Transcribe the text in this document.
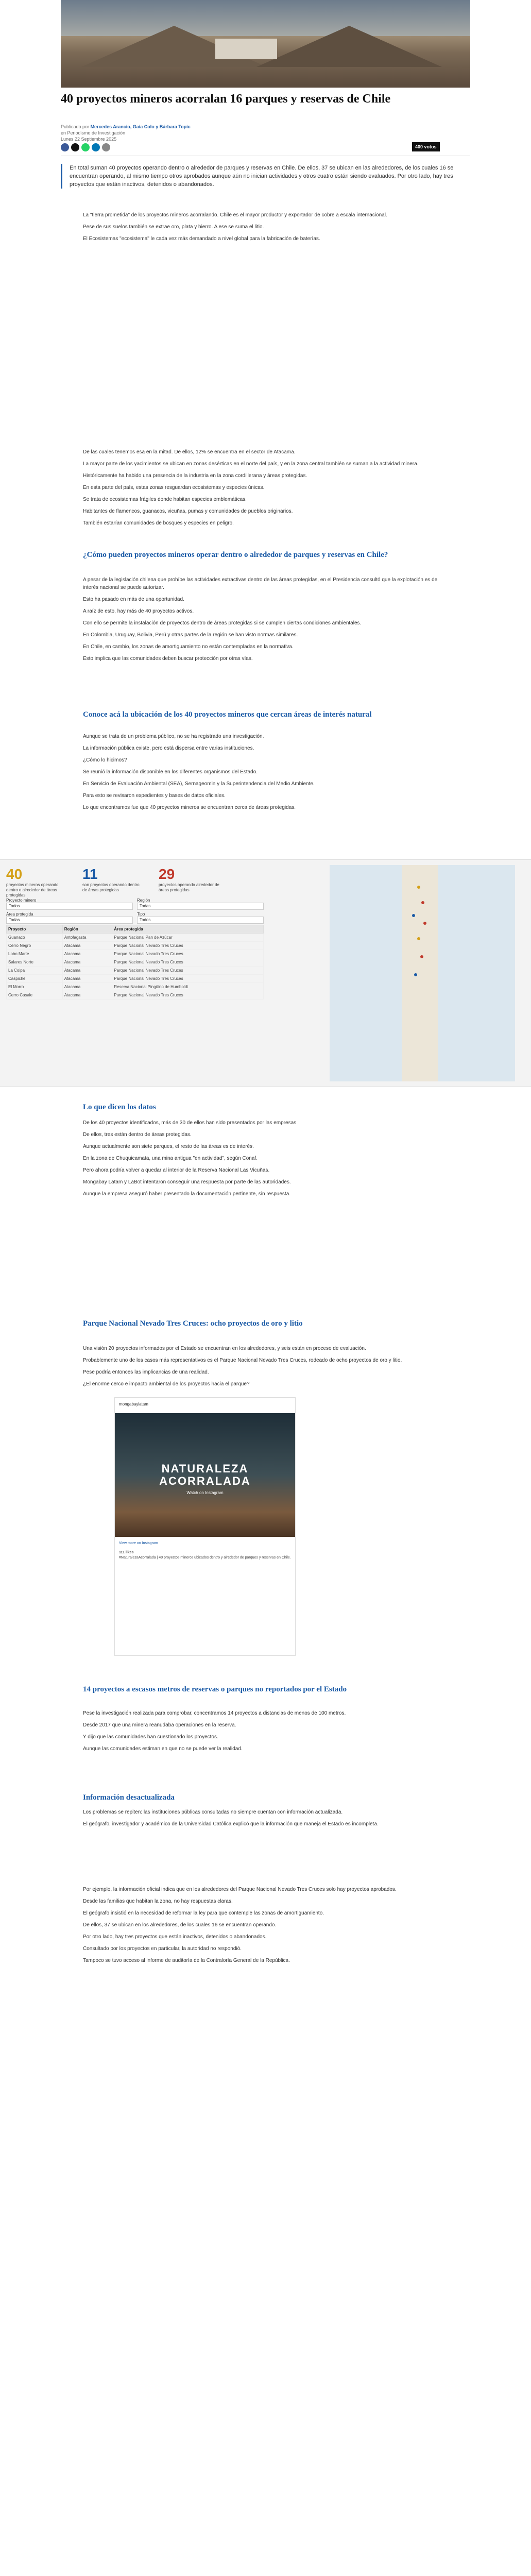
40 proyectos mineros acorralan 16 parques y reservas de Chile
Publicado por Mercedes Arancio, Gaia Colo y Bárbara Topic
en Periodismo de Investigación
Lunes 22 Septiembre 2025
400 votos
En total suman 40 proyectos operando dentro o alrededor de parques y reservas en Chile. De ellos, 37 se ubican en las alrededores, de los cuales 16 se encuentran operando, al mismo tiempo otros aprobados aunque aún no inician actividades y otros cuatro están siendo evaluados. Por otro lado, hay tres proyectos que están inactivos, detenidos o abandonados.

La "tierra prometida" de los proyectos mineros acorralando. Chile es el mayor productor y exportador de cobre a escala internacional.

Pese de sus suelos también se extrae oro, plata y hierro. A ese se suma el litio.

El Ecosistemas "ecosistema" le cada vez más demandado a nivel global para la fabricación de baterías.

De las cuales tenemos esa en la mitad. De ellos, 12% se encuentra en el sector de Atacama.

La mayor parte de los yacimientos se ubican en zonas desérticas en el norte del país, y en la zona central también se suman a la actividad minera.

Históricamente ha habido una presencia de la industria en la zona cordillerana y áreas protegidas.

En esta parte del país, estas zonas resguardan ecosistemas y especies únicas.

Se trata de ecosistemas frágiles donde habitan especies emblemáticas.

Habitantes de flamencos, guanacos, vicuñas, pumas y comunidades de pueblos originarios.

También estarían comunidades de bosques y especies en peligro.

¿Cómo pueden proyectos mineros operar dentro o alrededor de parques y reservas en Chile?

A pesar de la legislación chilena que prohíbe las actividades extractivas dentro de las áreas protegidas, en el Presidencia consultó que la explotación es de interés nacional se puede autorizar.

Esto ha pasado en más de una oportunidad.

A raíz de esto, hay más de 40 proyectos activos.

Con ello se permite la instalación de proyectos dentro de áreas protegidas si se cumplen ciertas condiciones ambientales.

En Colombia, Uruguay, Bolivia, Perú y otras partes de la región se han visto normas similares.

En Chile, en cambio, los zonas de amortiguamiento no están contempladas en la normativa.

Esto implica que las comunidades deben buscar protección por otras vías.

Conoce acá la ubicación de los 40 proyectos mineros que cercan áreas de interés natural

Aunque se trata de un problema público, no se ha registrado una investigación.

La información pública existe, pero está dispersa entre varias instituciones.

¿Cómo lo hicimos?

Se reunió la información disponible en los diferentes organismos del Estado.

En Servicio de Evaluación Ambiental (SEA), Sernageomin y la Superintendencia del Medio Ambiente.

Para esto se revisaron expedientes y bases de datos oficiales.

Lo que encontramos fue que 40 proyectos mineros se encuentran cerca de áreas protegidas.

40
proyectos mineros operando dentro o alrededor de áreas protegidas
11
son proyectos operando dentro de áreas protegidas
29
proyectos operando alrededor de áreas protegidas
Proyecto minero
Todos
Región
Todas
Área protegida
Todas
Tipo
Todos
Proyecto	Región	Área protegida
Guanaco	Antofagasta	Parque Nacional Pan de Azúcar
Cerro Negro	Atacama	Parque Nacional Nevado Tres Cruces
Lobo Marte	Atacama	Parque Nacional Nevado Tres Cruces
Salares Norte	Atacama	Parque Nacional Nevado Tres Cruces
La Coipa	Atacama	Parque Nacional Nevado Tres Cruces
Caspiche	Atacama	Parque Nacional Nevado Tres Cruces
El Morro	Atacama	Reserva Nacional Pingüino de Humboldt
Cerro Casale	Atacama	Parque Nacional Nevado Tres Cruces
Lo que dicen los datos

De los 40 proyectos identificados, más de 30 de ellos han sido presentados por las empresas.

De ellos, tres están dentro de áreas protegidas.

Aunque actualmente son siete parques, el resto de las áreas es de interés.

En la zona de Chuquicamata, una mina antigua "en actividad", según Conaf.

Pero ahora podría volver a quedar al interior de la Reserva Nacional Las Vicuñas.

Mongabay Latam y LaBot intentaron conseguir una respuesta por parte de las autoridades.

Aunque la empresa aseguró haber presentado la documentación pertinente, sin respuesta.

Parque Nacional Nevado Tres Cruces: ocho proyectos de oro y litio

Una visión 20 proyectos informados por el Estado se encuentran en los alrededores, y seis están en proceso de evaluación.

Probablemente uno de los casos más representativos es el Parque Nacional Nevado Tres Cruces, rodeado de ocho proyectos de oro y litio.

Pese podría entonces las implicancias de una realidad.

¿El enorme cerco e impacto ambiental de los proyectos hacia el parque?

mongabaylatam
NATURALEZA ACORRALADA
Watch on Instagram
View more on Instagram
111 likes
#NaturalezaAcorralada | 40 proyectos mineros ubicados dentro y alrededor de parques y reservas en Chile.
14 proyectos a escasos metros de reservas o parques no reportados por el Estado

Pese la investigación realizada para comprobar, concentramos 14 proyectos a distancias de menos de 100 metros.

Desde 2017 que una minera reanudaba operaciones en la reserva.

Y dijo que las comunidades han cuestionado los proyectos.

Aunque las comunidades estiman en que no se puede ver la realidad.

Información desactualizada

Los problemas se repiten: las instituciones públicas consultadas no siempre cuentan con información actualizada.

El geógrafo, investigador y académico de la Universidad Católica explicó que la información que maneja el Estado es incompleta.

Por ejemplo, la información oficial indica que en los alrededores del Parque Nacional Nevado Tres Cruces solo hay proyectos aprobados.

Desde las familias que habitan la zona, no hay respuestas claras.

El geógrafo insistió en la necesidad de reformar la ley para que contemple las zonas de amortiguamiento.

De ellos, 37 se ubican en los alrededores, de los cuales 16 se encuentran operando.

Por otro lado, hay tres proyectos que están inactivos, detenidos o abandonados.

Consultado por los proyectos en particular, la autoridad no respondió.

Tampoco se tuvo acceso al informe de auditoría de la Contraloría General de la República.
